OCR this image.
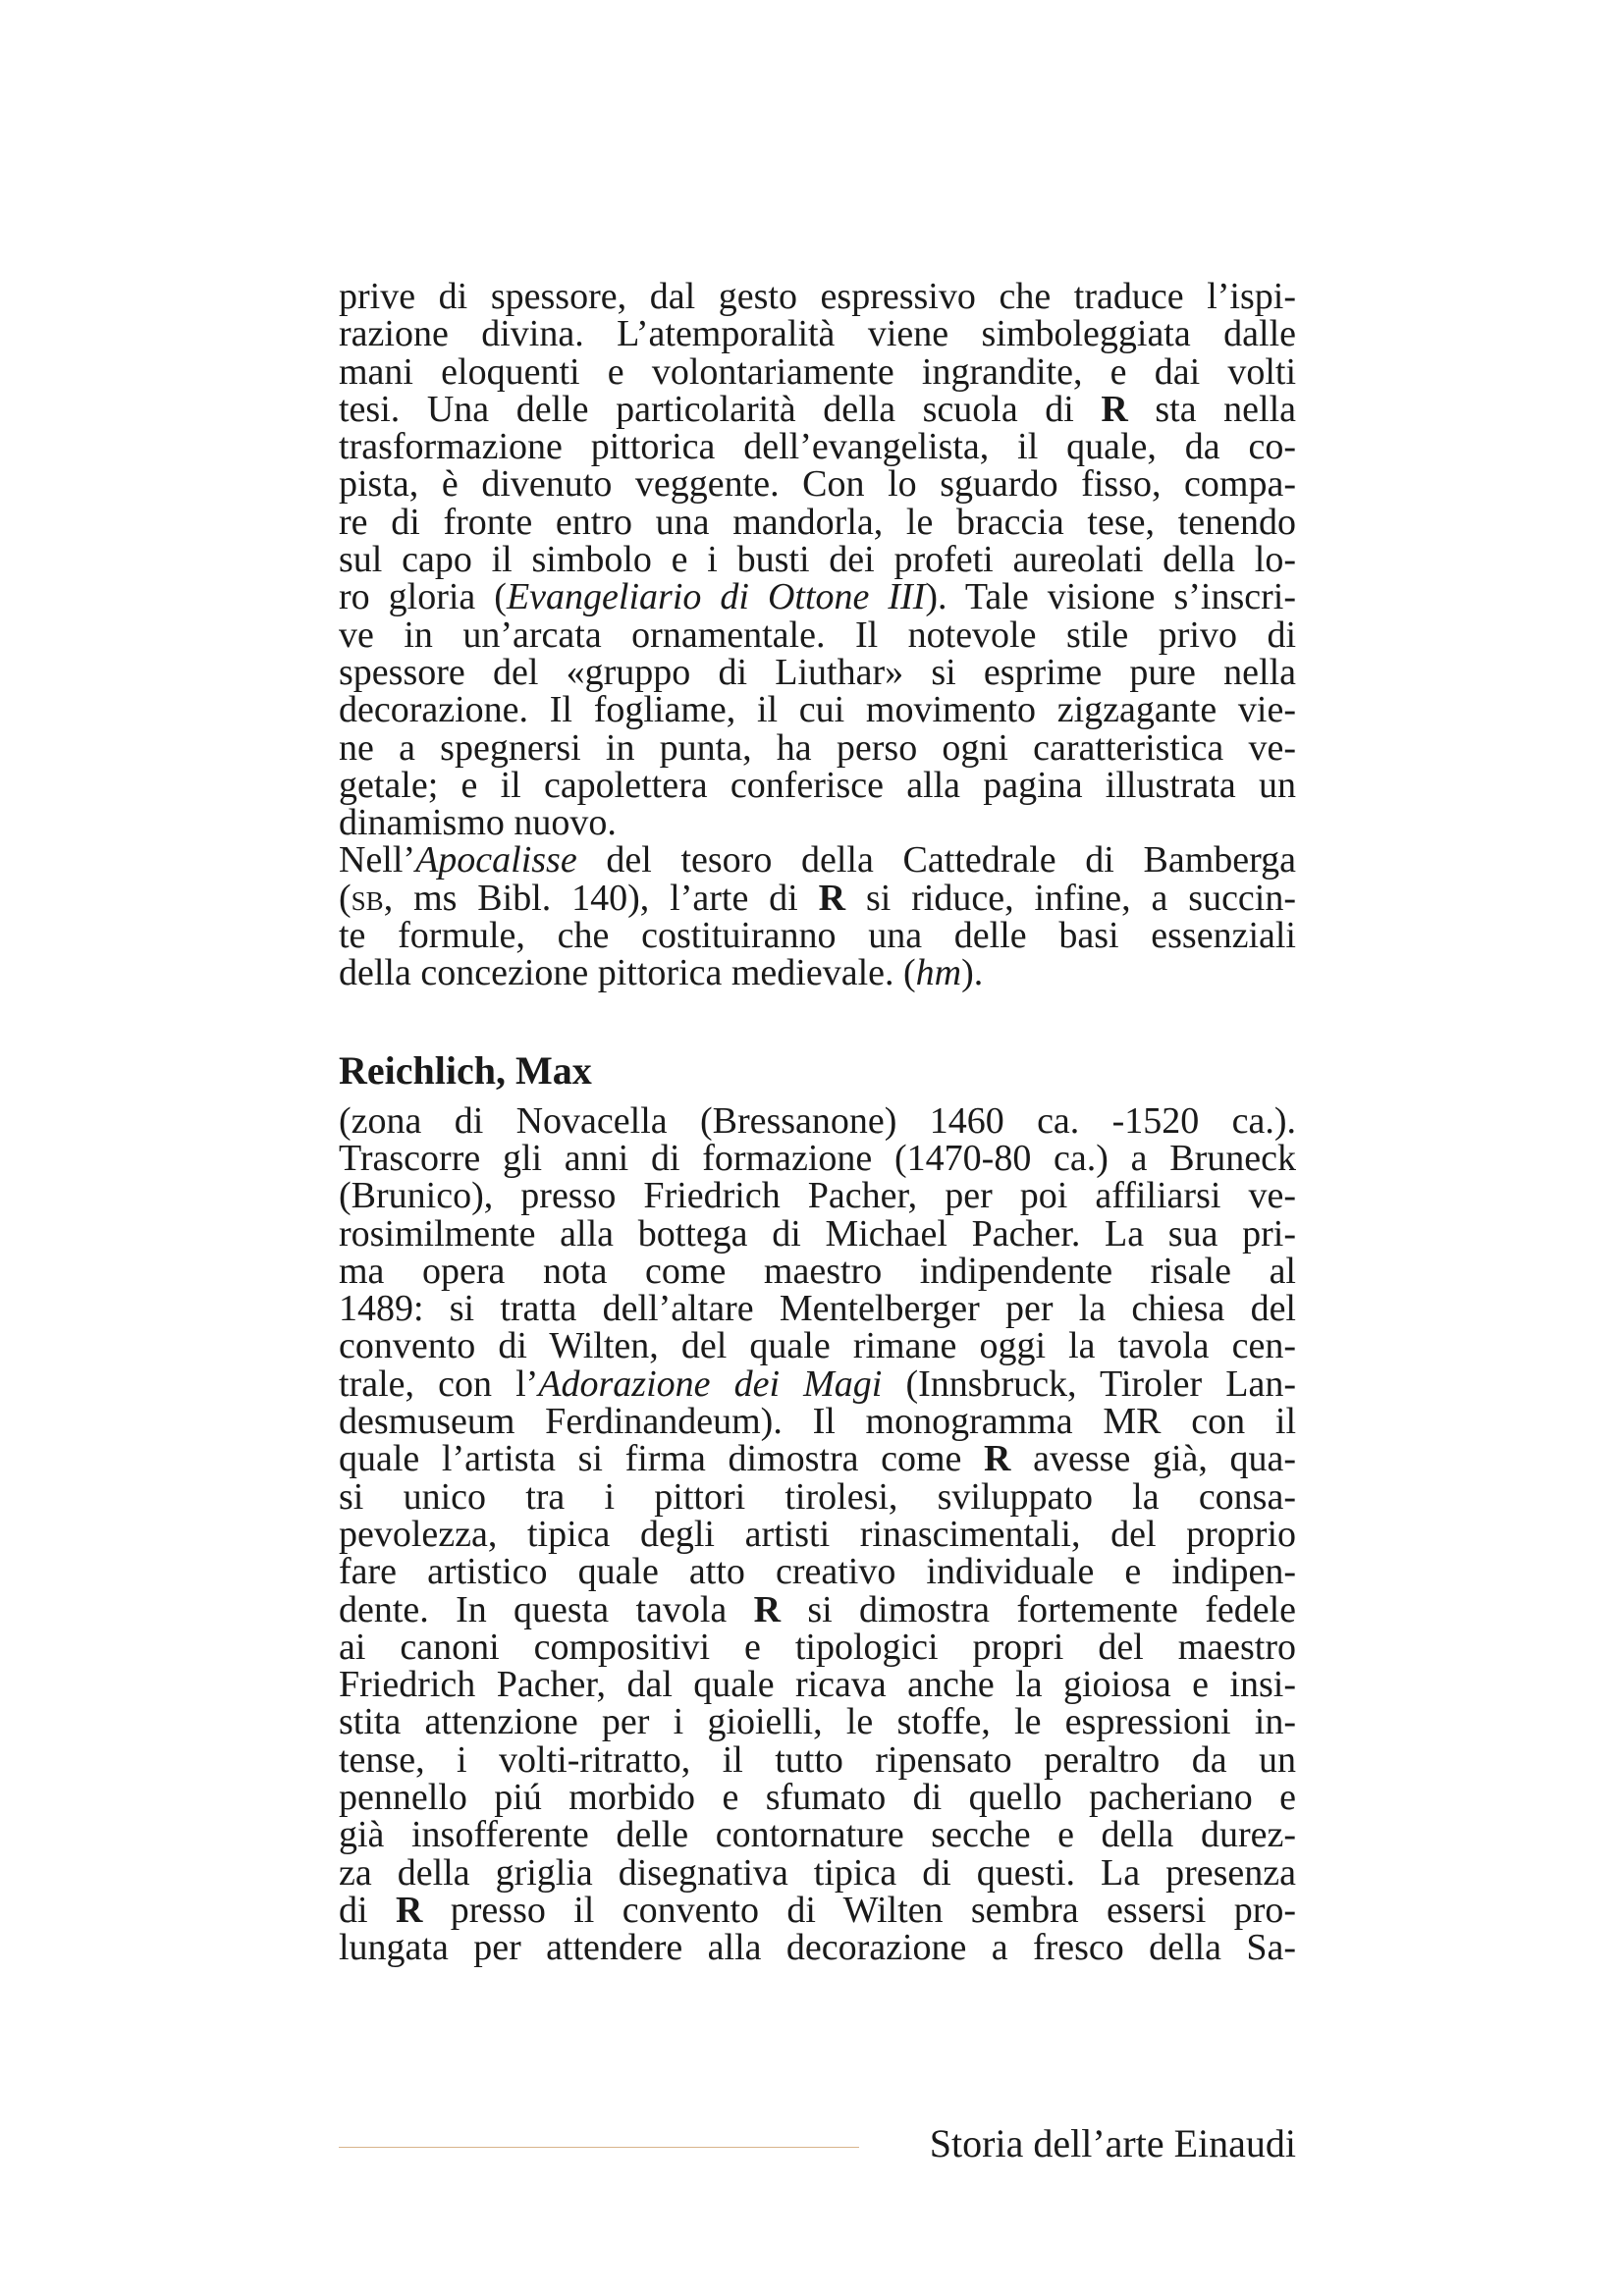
prive di spessore, dal gesto espressivo che traduce l’ispi-
razione divina. L’atemporalità viene simboleggiata dalle
mani eloquenti e volontariamente ingrandite, e dai volti
tesi. Una delle particolarità della scuola di R sta nella
trasformazione pittorica dell’evangelista, il quale, da co-
pista, è divenuto veggente. Con lo sguardo fisso, compa-
re di fronte entro una mandorla, le braccia tese, tenendo
sul capo il simbolo e i busti dei profeti aureolati della lo-
ro gloria (Evangeliario di Ottone III). Tale visione s’inscri-
ve in un’arcata ornamentale. Il notevole stile privo di
spessore del «gruppo di Liuthar» si esprime pure nella
decorazione. Il fogliame, il cui movimento zigzagante vie-
ne a spegnersi in punta, ha perso ogni caratteristica ve-
getale; e il capolettera conferisce alla pagina illustrata un
dinamismo nuovo.
Nell’Apocalisse del tesoro della Cattedrale di Bamberga
(sb, ms Bibl. 140), l’arte di R si riduce, infine, a succin-
te formule, che costituiranno una delle basi essenziali
della concezione pittorica medievale. (hm).
Reichlich, Max
(zona di Novacella (Bressanone) 1460 ca. -1520 ca.).
Trascorre gli anni di formazione (1470-80 ca.) a Bruneck
(Brunico), presso Friedrich Pacher, per poi affiliarsi ve-
rosimilmente alla bottega di Michael Pacher. La sua pri-
ma opera nota come maestro indipendente risale al
1489: si tratta dell’altare Mentelberger per la chiesa del
convento di Wilten, del quale rimane oggi la tavola cen-
trale, con l’Adorazione dei Magi (Innsbruck, Tiroler Lan-
desmuseum Ferdinandeum). Il monogramma MR con il
quale l’artista si firma dimostra come R avesse già, qua-
si unico tra i pittori tirolesi, sviluppato la consa-
pevolezza, tipica degli artisti rinascimentali, del proprio
fare artistico quale atto creativo individuale e indipen-
dente. In questa tavola R si dimostra fortemente fedele
ai canoni compositivi e tipologici propri del maestro
Friedrich Pacher, dal quale ricava anche la gioiosa e insi-
stita attenzione per i gioielli, le stoffe, le espressioni in-
tense, i volti-ritratto, il tutto ripensato peraltro da un
pennello piú morbido e sfumato di quello pacheriano e
già insofferente delle contornature secche e della durez-
za della griglia disegnativa tipica di questi. La presenza
di R presso il convento di Wilten sembra essersi pro-
lungata per attendere alla decorazione a fresco della Sa-
Storia dell’arte Einaudi
